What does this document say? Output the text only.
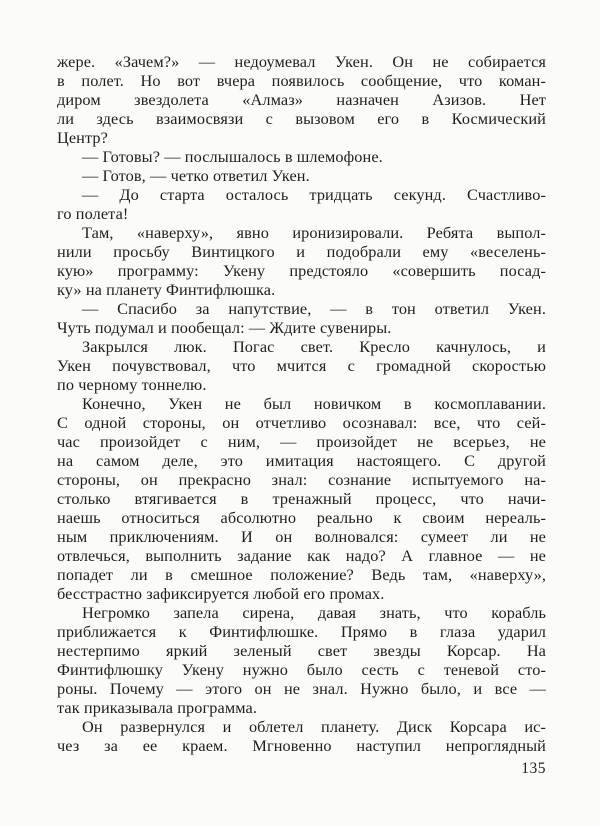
жере. «Зачем?» — недоумевал Укен. Он не собирается
в полет. Но вот вчера появилось сообщение, что коман-
диром звездолета «Алмаз» назначен Азизов. Нет
ли здесь взаимосвязи с вызовом его в Космический
Центр?
— Готовы? — послышалось в шлемофоне.
— Готов, — четко ответил Укен.
— До старта осталось тридцать секунд. Счастливо-
го полета!
Там, «наверху», явно иронизировали. Ребята выпол-
нили просьбу Винтицкого и подобрали ему «веселень-
кую» программу: Укену предстояло «совершить посад-
ку» на планету Финтифлюшка.
— Спасибо за напутствие, — в тон ответил Укен.
Чуть подумал и пообещал: — Ждите сувениры.
Закрылся люк. Погас свет. Кресло качнулось, и
Укен почувствовал, что мчится с громадной скоростью
по черному тоннелю.
Конечно, Укен не был новичком в космоплавании.
С одной стороны, он отчетливо осознавал: все, что сей-
час произойдет с ним, — произойдет не всерьез, не
на самом деле, это имитация настоящего. С другой
стороны, он прекрасно знал: сознание испытуемого на-
столько втягивается в тренажный процесс, что начи-
наешь относиться абсолютно реально к своим нереаль-
ным приключениям. И он волновался: сумеет ли не
отвлечься, выполнить задание как надо? А главное — не
попадет ли в смешное положение? Ведь там, «наверху»,
бесстрастно зафиксируется любой его промах.
Негромко запела сирена, давая знать, что корабль
приближается к Финтифлюшке. Прямо в глаза ударил
нестерпимо яркий зеленый свет звезды Корсар. На
Финтифлюшку Укену нужно было сесть с теневой сто-
роны. Почему — этого он не знал. Нужно было, и все —
так приказывала программа.
Он развернулся и облетел планету. Диск Корсара ис-
чез за ее краем. Мгновенно наступил непроглядный
135
